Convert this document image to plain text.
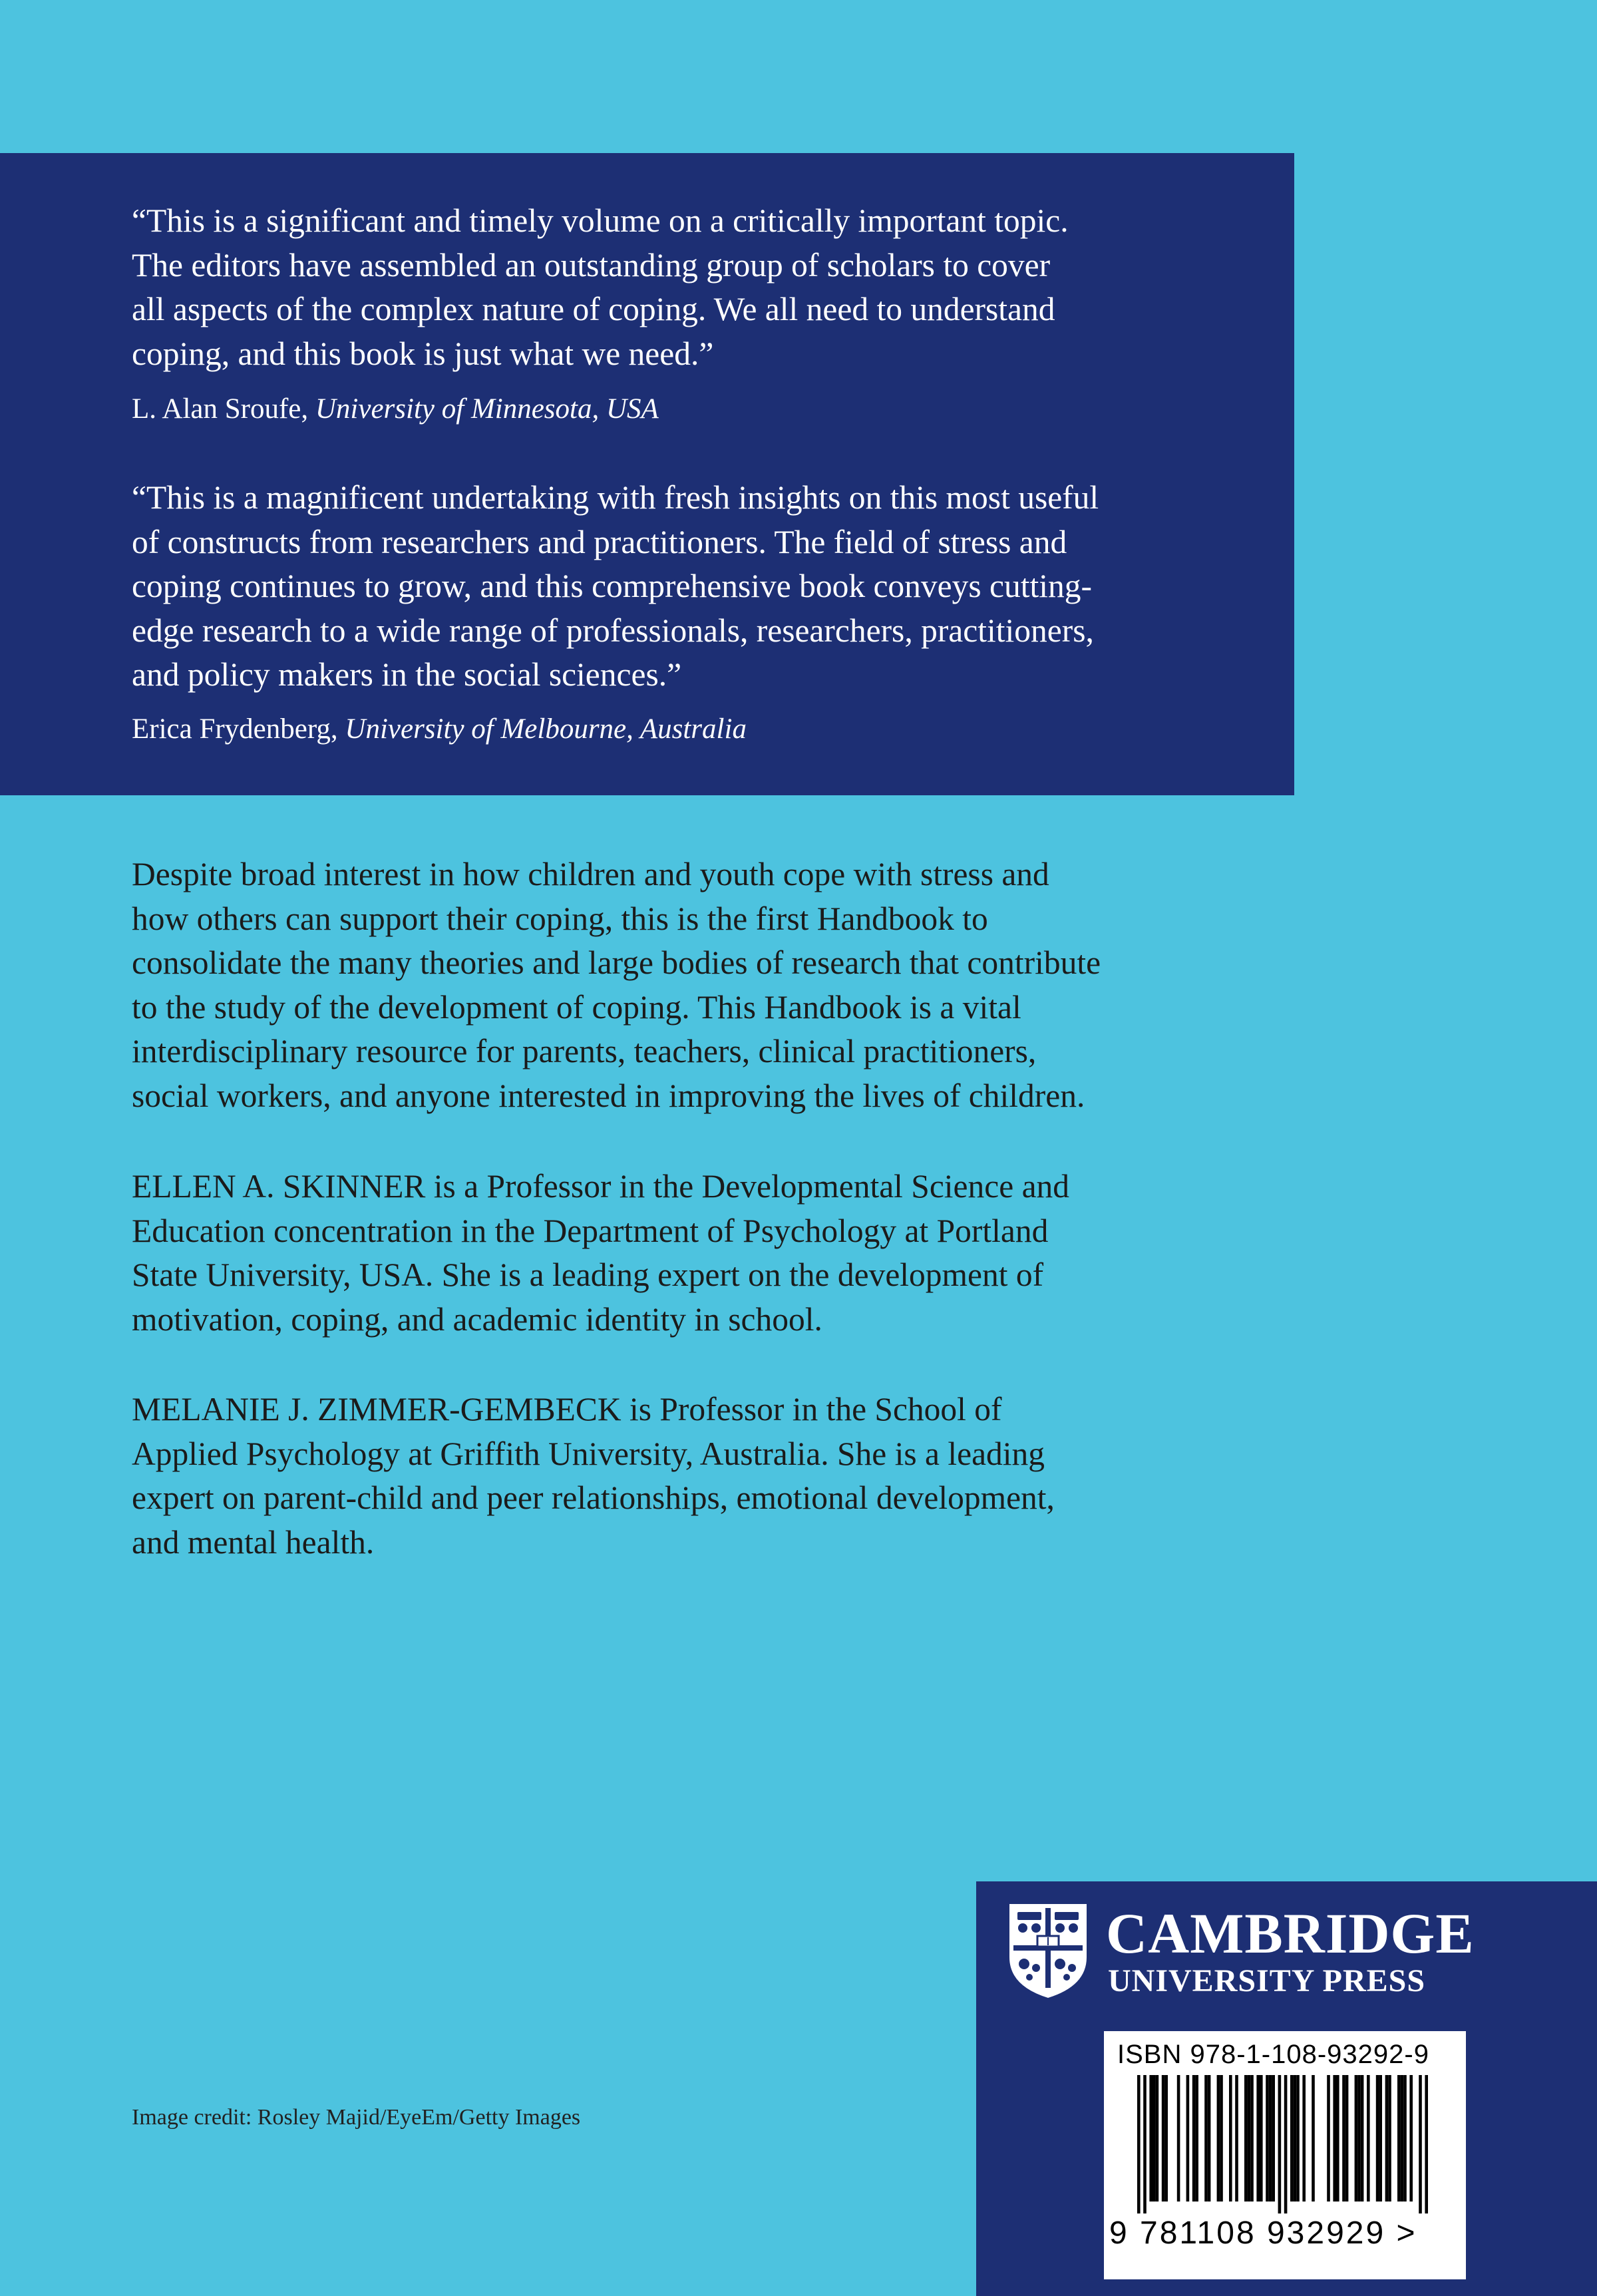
“This is a significant and timely volume on a critically important topic.
The editors have assembled an outstanding group of scholars to cover
all aspects of the complex nature of coping. We all need to understand
coping, and this book is just what we need.”

L. Alan Sroufe, University of Minnesota, USA

“This is a magnificent undertaking with fresh insights on this most useful
of constructs from researchers and practitioners. The field of stress and
coping continues to grow, and this comprehensive book conveys cutting-
edge research to a wide range of professionals, researchers, practitioners,
and policy makers in the social sciences.”

Erica Frydenberg, University of Melbourne, Australia

Despite broad interest in how children and youth cope with stress and
how others can support their coping, this is the first Handbook to
consolidate the many theories and large bodies of research that contribute
to the study of the development of coping. This Handbook is a vital
interdisciplinary resource for parents, teachers, clinical practitioners,
social workers, and anyone interested in improving the lives of children.

ELLEN A. SKINNER is a Professor in the Developmental Science and
Education concentration in the Department of Psychology at Portland
State University, USA. She is a leading expert on the development of
motivation, coping, and academic identity in school.

MELANIE J. ZIMMER-GEMBECK is Professor in the School of
Applied Psychology at Griffith University, Australia. She is a leading
expert on parent-child and peer relationships, emotional development,
and mental health.

Image credit: Rosley Majid/EyeEm/Getty Images

CAMBRIDGE

UNIVERSITY PRESS

ISBN 978-1-108-93292-9

9 781108 932929 >
